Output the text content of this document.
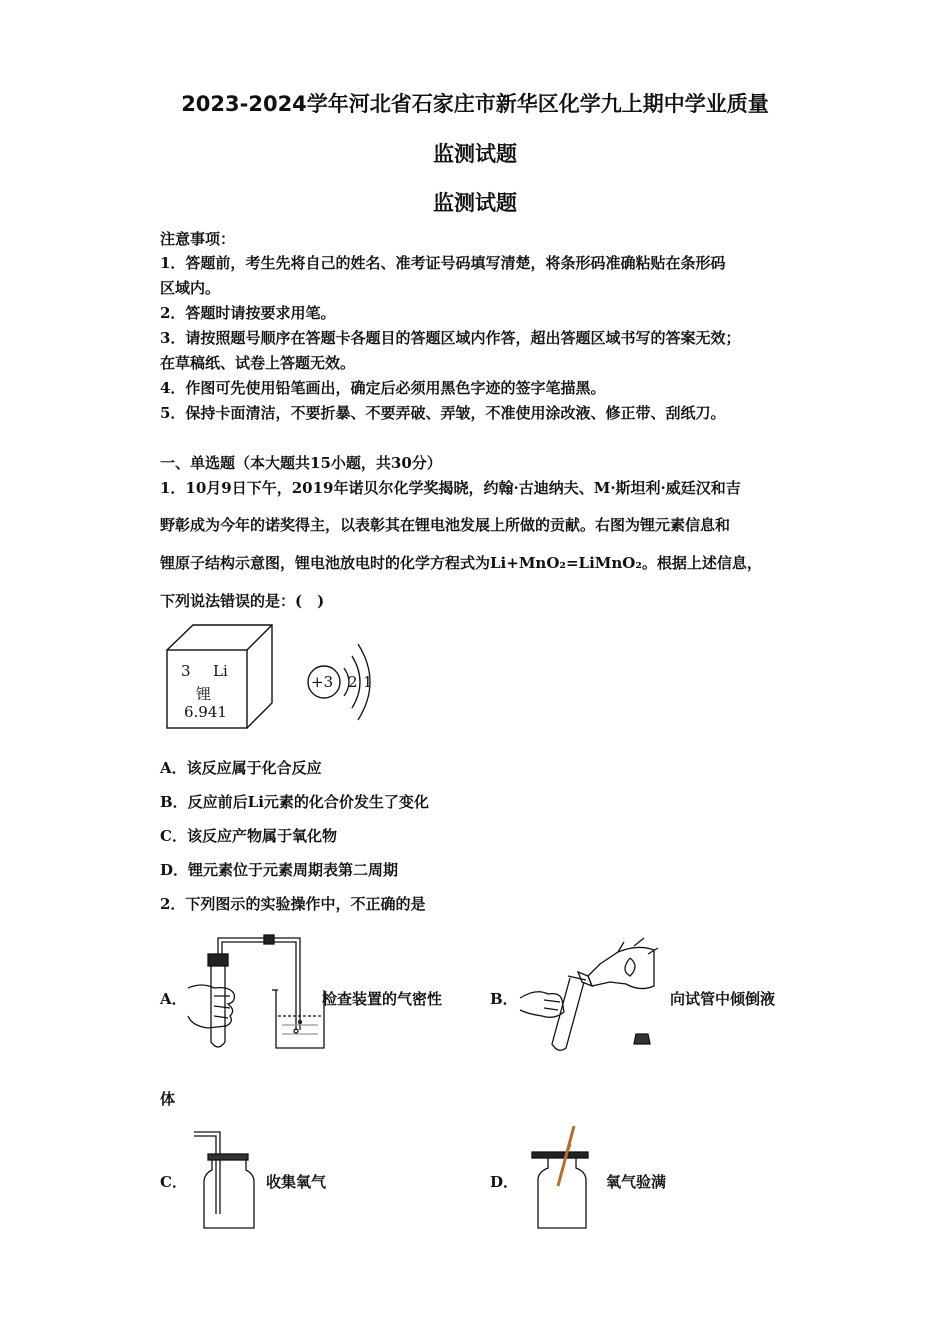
2023-2024学年河北省石家庄市新华区化学九上期中学业质量
监测试题
监测试题
注意事项：
1．答题前，考生先将自己的姓名、准考证号码填写清楚，将条形码准确粘贴在条形码
区域内。
2．答题时请按要求用笔。
3．请按照题号顺序在答题卡各题目的答题区域内作答，超出答题区域书写的答案无效；
在草稿纸、试卷上答题无效。
4．作图可先使用铅笔画出，确定后必须用黑色字迹的签字笔描黑。
5．保持卡面清洁，不要折暴、不要弄破、弄皱，不准使用涂改液、修正带、刮纸刀。
一、单选题（本大题共15小题，共30分）
1．10月9日下午，2019年诺贝尔化学奖揭晓，约翰·古迪纳夫、M·斯坦利·威廷汉和吉
野彰成为今年的诺奖得主，以表彰其在锂电池发展上所做的贡献。右图为锂元素信息和
锂原子结构示意图，锂电池放电时的化学方程式为Li+MnO₂=LiMnO₂。根据上述信息，
下列说法错误的是：(　)
3 Li
锂
6.941
+3 2 1
A．该反应属于化合反应
B．反应前后Li元素的化合价发生了变化
C．该反应产物属于氧化物
D．锂元素位于元素周期表第二周期
2．下列图示的实验操作中，不正确的是
A．	检查装置的气密性	B．	向试管中倾倒液
体
C．	收集氧气	D．	氧气验满
